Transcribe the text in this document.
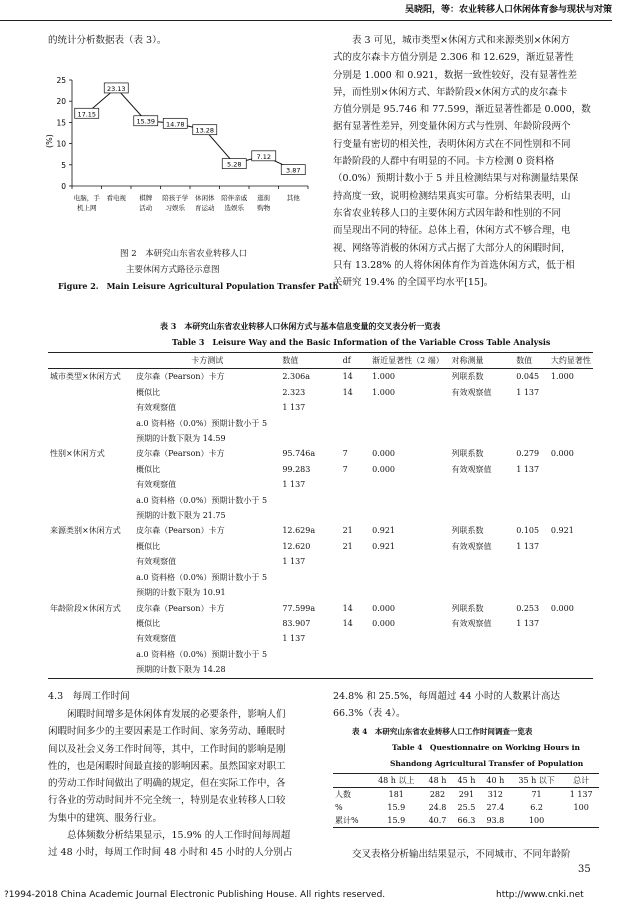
吴晓阳，等：农业转移人口休闲体育参与现状与对策
的统计分析数据表（表 3）。
17.15
23.13
15.39 14.78
13.28
5.28
7.12
3.87
0
5
10
15
20
25
电脑，手
机上网
看电视 棋牌
活动
陪孩子学
习娱乐
休闲体
育运动
陪伴亲戚
选娱乐
逛街
购物
其他
(%)
图 2　本研究山东省农业转移人口
主要休闲方式路径示意图
Figure 2.　Main Leisure Agricultural Population Transfer Path
　　表 3 可见，城市类型×休闲方式和来源类别×休闲方
式的皮尔森卡方值分别是 2.306 和 12.629，渐近显著性
分别是 1.000 和 0.921，数据一致性较好，没有显著性差
异，而性别×休闲方式、年龄阶段×休闲方式的皮尔森卡
方值分别是 95.746 和 77.599，渐近显著性都是 0.000，数
据有显著性差异，列变量休闲方式与性别、年龄阶段两个
行变量有密切的相关性，表明休闲方式在不同性别和不同
年龄阶段的人群中有明显的不同。卡方检测 0 资料格
（0.0%）预期计数小于 5 并且检测结果与对称测量结果保
持高度一致，说明检测结果真实可靠。分析结果表明，山
东省农业转移人口的主要休闲方式因年龄和性别的不同
而呈现出不同的特征。总体上看，休闲方式不够合理，电
视、网络等消极的休闲方式占据了大部分人的闲暇时间，
只有 13.28% 的人将休闲体育作为首选休闲方式，低于相
关研究 19.4% 的全国平均水平[15]。
表 3　本研究山东省农业转移人口休闲方式与基本信息变量的交叉表分析一览表
Table 3　Leisure Way and the Basic Information of the Variable Cross Table Analysis
	卡方测试	数值	df	渐近显著性（2 端）	对称测量	数值	大约显著性
城市类型×休闲方式	皮尔森（Pearson）卡方	2.306a	14	1.000	列联系数	0.045	1.000
	概似比	2.323	14	1.000	有效观察值	1 137	
	有效观察值	1 137					
	a.0 资料格（0.0%）预期计数小于 5						
	预期的计数下限为 14.59						
性别×休闲方式	皮尔森（Pearson）卡方	95.746a	7	0.000	列联系数	0.279	0.000
	概似比	99.283	7	0.000	有效观察值	1 137	
	有效观察值	1 137					
	a.0 资料格（0.0%）预期计数小于 5						
	预期的计数下限为 21.75						
来源类别×休闲方式	皮尔森（Pearson）卡方	12.629a	21	0.921	列联系数	0.105	0.921
	概似比	12.620	21	0.921	有效观察值	1 137	
	有效观察值	1 137					
	a.0 资料格（0.0%）预期计数小于 5						
	预期的计数下限为 10.91						
年龄阶段×休闲方式	皮尔森（Pearson）卡方	77.599a	14	0.000	列联系数	0.253	0.000
	概似比	83.907	14	0.000	有效观察值	1 137	
	有效观察值	1 137					
	a.0 资料格（0.0%）预期计数小于 5						
	预期的计数下限为 14.28						
4.3　每周工作时间
　　闲暇时间增多是休闲体育发展的必要条件，影响人们
闲暇时间多少的主要因素是工作时间、家务劳动、睡眠时
间以及社会义务工作时间等，其中，工作时间的影响是刚
性的，也是闲暇时间最直接的影响因素。虽然国家对职工
的劳动工作时间做出了明确的规定，但在实际工作中，各
行各业的劳动时间并不完全统一，特别是农业转移人口较
为集中的建筑、服务行业。
　　总体频数分析结果显示，15.9% 的人工作时间每周超
过 48 小时，每周工作时间 48 小时和 45 小时的人分别占
24.8% 和 25.5%，每周超过 44 小时的人数累计高达
66.3%（表 4）。
表 4　本研究山东省农业转移人口工作时间调查一览表
Table 4　Questionnaire on Working Hours in
Shandong Agricultural Transfer of Population
	48 h 以上	48 h	45 h	40 h	35 h 以下	总计
人数	181	282	291	312	71	1 137
%	15.9	24.8	25.5	27.4	6.2	100
累计%	15.9	40.7	66.3	93.8	100	
　　交叉表格分析输出结果显示，不同城市、不同年龄阶
35
?1994-2018 China Academic Journal Electronic Publishing House. All rights reserved.	http://www.cnki.net
